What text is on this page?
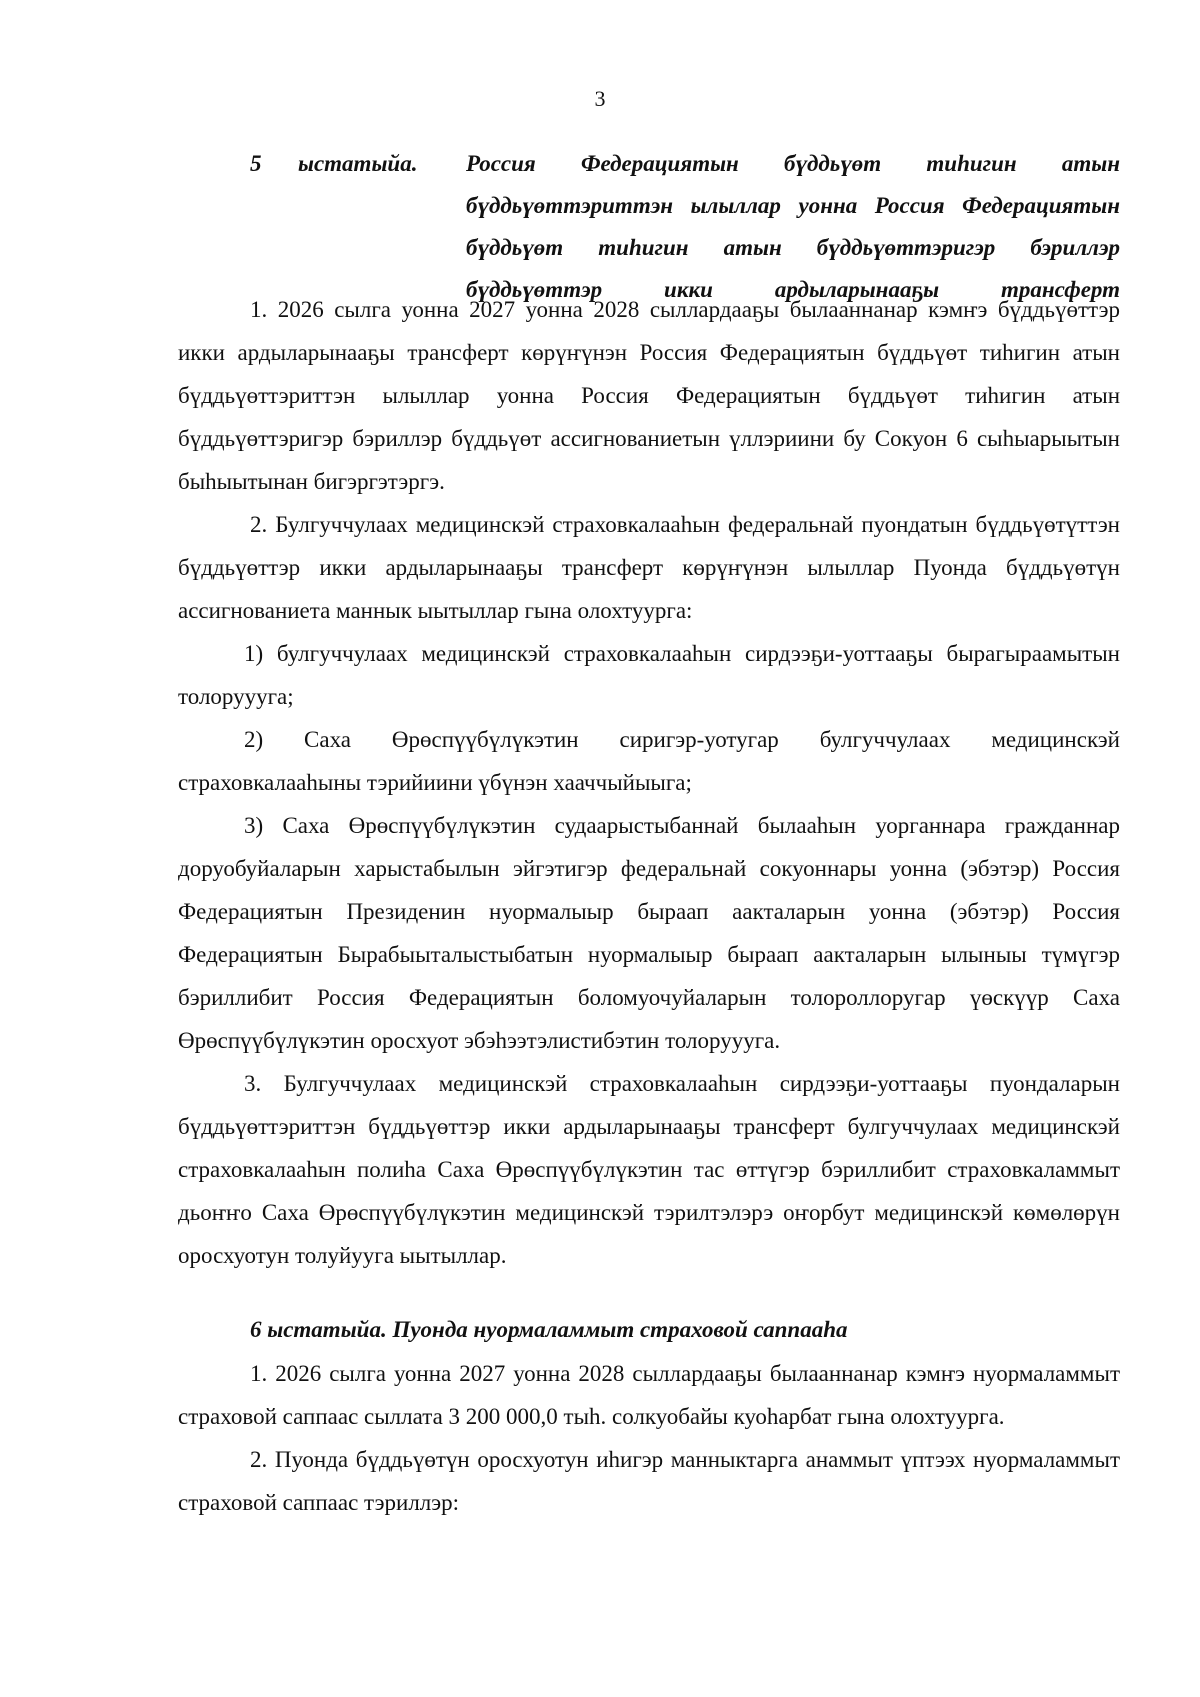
3
5	ыстатыйа.	Россия Федерациятын бүддьүөт тиһигин атын бүддьүөттэриттэн ылыллар уонна Россия Федерациятын бүддьүөт тиһигин атын бүддьүөттэригэр бэриллэр бүддьүөттэр икки ардыларынааҕы трансферт

1. 2026 сылга уонна 2027 уонна 2028 сыллардааҕы былааннанар кэмҥэ бүддьүөттэр икки ардыларынааҕы трансферт көрүҥүнэн Россия Федерациятын бүддьүөт тиһигин атын бүддьүөттэриттэн ылыллар уонна Россия Федерациятын бүддьүөт тиһигин атын бүддьүөттэригэр бэриллэр бүддьүөт ассигнованиетын үллэриини бу Сокуон 6 сыһыарыытын быһыытынан бигэргэтэргэ.

2. Булгуччулаах медицинскэй страховкалааһын федеральнай пуондатын бүддьүөтүттэн бүддьүөттэр икки ардыларынааҕы трансферт көрүҥүнэн ылыллар Пуонда бүддьүөтүн ассигнованиета маннык ыытыллар гына олохтуурга:

1) булгуччулаах медицинскэй страховкалааһын сирдээҕи-уоттааҕы бырагыраамытын толоруууга;

2) Саха Өрөспүүбүлүкэтин сиригэр-уотугар булгуччулаах медицинскэй страховкалааһыны тэрийиини үбүнэн хааччыйыыга;

3) Саха Өрөспүүбүлүкэтин судаарыстыбаннай былааһын уорганнара гражданнар доруобуйаларын харыстабылын эйгэтигэр федеральнай сокуоннары уонна (эбэтэр) Россия Федерациятын Президенин нуормалыыр быраап аакталарын уонна (эбэтэр) Россия Федерациятын Бырабыыталыстыбатын нуормалыыр быраап аакталарын ылыныы түмүгэр бэриллибит Россия Федерациятын боломуочуйаларын толороллоругар үөскүүр Саха Өрөспүүбүлүкэтин оросхуот эбэһээтэлистибэтин толоруууга.

3. Булгуччулаах медицинскэй страховкалааһын сирдээҕи-уоттааҕы пуондаларын бүддьүөттэриттэн бүддьүөттэр икки ардыларынааҕы трансферт булгуччулаах медицинскэй страховкалааһын полиһа Саха Өрөспүүбүлүкэтин тас өттүгэр бэриллибит страховкаламмыт дьоҥҥо Саха Өрөспүүбүлүкэтин медицинскэй тэрилтэлэрэ оҥорбут медицинскэй көмөлөрүн оросхуотун толуйууга ыытыллар.

6 ыстатыйа. Пуонда нуормаламмыт страховой саппааһа

1. 2026 сылга уонна 2027 уонна 2028 сыллардааҕы былааннанар кэмҥэ нуормаламмыт страховой саппаас сыллата 3 200 000,0 тыһ. солкуобайы куоһарбат гына олохтуурга.

2. Пуонда бүддьүөтүн оросхуотун иһигэр манныктарга анаммыт үптээх нуормаламмыт страховой саппаас тэриллэр:
